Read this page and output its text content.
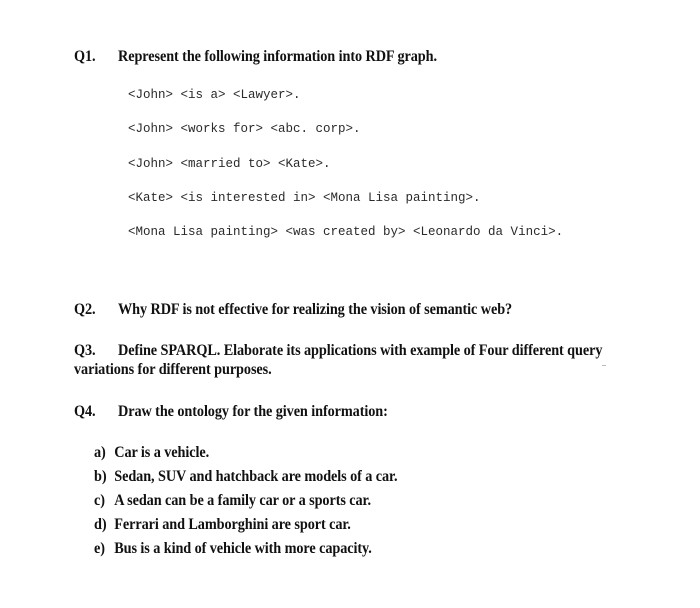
Q1. Represent the following information into RDF graph.
<John> <is a> <Lawyer>.
<John> <works for> <abc. corp>.
<John> <married to> <Kate>.
<Kate> <is interested in> <Mona Lisa painting>.
<Mona Lisa painting> <was created by> <Leonardo da Vinci>.
Q2. Why RDF is not effective for realizing the vision of semantic web?
Q3. Define SPARQL. Elaborate its applications with example of Four different query
variations for different purposes.
Q4. Draw the ontology for the given information:
a) Car is a vehicle.
b) Sedan, SUV and hatchback are models of a car.
c) A sedan can be a family car or a sports car.
d) Ferrari and Lamborghini are sport car.
e) Bus is a kind of vehicle with more capacity.
